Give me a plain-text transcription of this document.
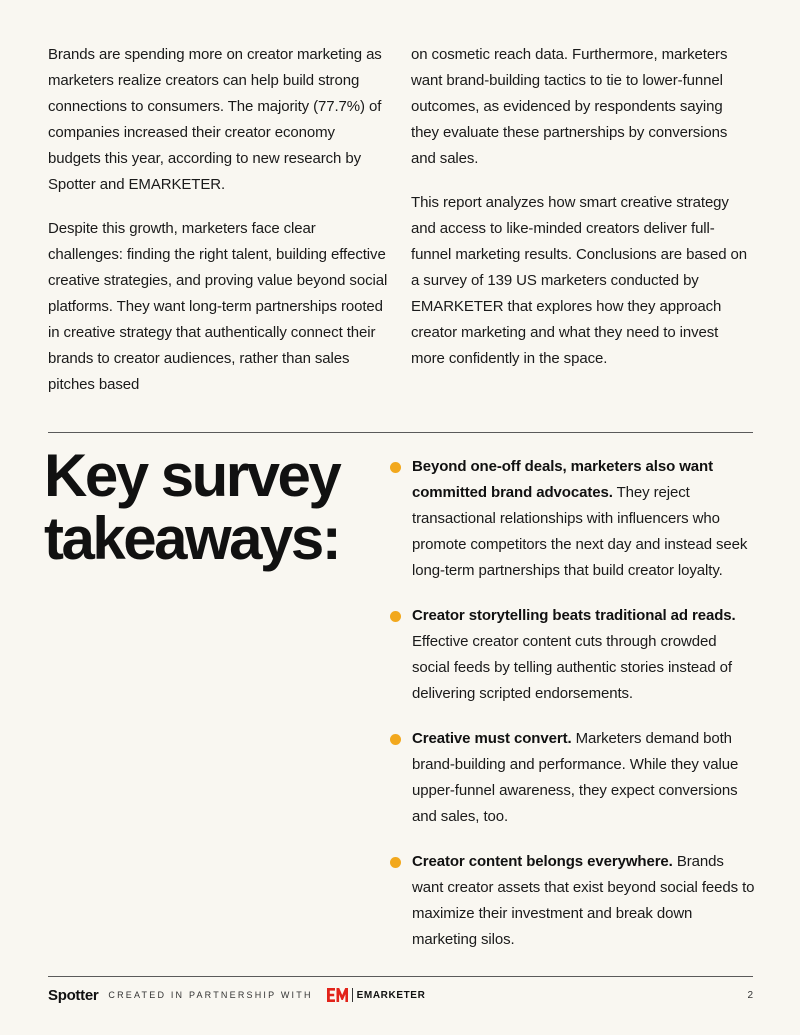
Brands are spending more on creator marketing as marketers realize creators can help build strong connections to consumers. The majority (77.7%) of companies increased their creator economy budgets this year, according to new research by Spotter and EMARKETER.

Despite this growth, marketers face clear challenges: finding the right talent, building effective creative strategies, and proving value beyond social platforms. They want long-term partnerships rooted in creative strategy that authentically connect their brands to creator audiences, rather than sales pitches based

on cosmetic reach data. Furthermore, marketers want brand-building tactics to tie to lower-funnel outcomes, as evidenced by respondents saying they evaluate these partnerships by conversions and sales.

This report analyzes how smart creative strategy and access to like-minded creators deliver full-funnel marketing results. Conclusions are based on a survey of 139 US marketers conducted by EMARKETER that explores how they approach creator marketing and what they need to invest more confidently in the space.

Key survey
takeaways:
Beyond one-off deals, marketers also want committed brand advocates. They reject transactional relationships with influencers who promote competitors the next day and instead seek long-term partnerships that build creator loyalty.
Creator storytelling beats traditional ad reads. Effective creator content cuts through crowded social feeds by telling authentic stories instead of delivering scripted endorsements.
Creative must convert. Marketers demand both brand-building and performance. While they value upper-funnel awareness, they expect conversions and sales, too.
Creator content belongs everywhere. Brands want creator assets that exist beyond social feeds to maximize their investment and break down marketing silos.
Spotter CREATED IN PARTNERSHIP WITH	EMARKETER	2
